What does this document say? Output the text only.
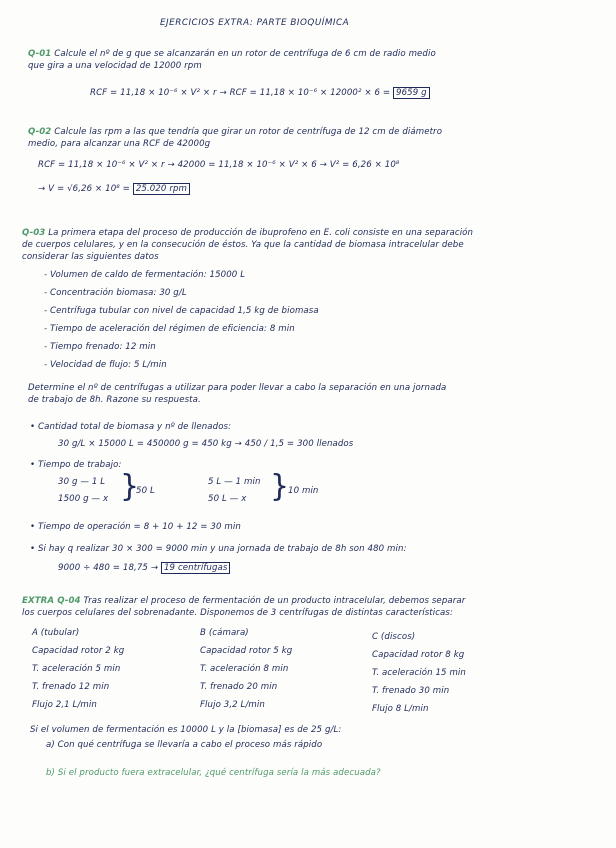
EJERCICIOS EXTRA: PARTE BIOQUÍMICA
Q-01 Calcule el nº de g que se alcanzarán en un rotor de centrífuga de 6 cm de radio medio
que gira a una velocidad de 12000 rpm
RCF = 11,18 × 10⁻⁶ × V² × r → RCF = 11,18 × 10⁻⁶ × 12000² × 6 = 9659 g
Q-02 Calcule las rpm a las que tendría que girar un rotor de centrífuga de 12 cm de diámetro
medio, para alcanzar una RCF de 42000g
RCF = 11,18 × 10⁻⁶ × V² × r → 42000 = 11,18 × 10⁻⁶ × V² × 6 → V² = 6,26 × 10⁸
→ V = √6,26 × 10⁸ = 25.020 rpm
Q-03 La primera etapa del proceso de producción de ibuprofeno en E. coli consiste en una separación
de cuerpos celulares, y en la consecución de éstos. Ya que la cantidad de biomasa intracelular debe
considerar las siguientes datos
- Volumen de caldo de fermentación: 15000 L
- Concentración biomasa: 30 g/L
- Centrífuga tubular con nivel de capacidad 1,5 kg de biomasa
- Tiempo de aceleración del régimen de eficiencia: 8 min
- Tiempo frenado: 12 min
- Velocidad de flujo: 5 L/min
Determine el nº de centrífugas a utilizar para poder llevar a cabo la separación en una jornada
de trabajo de 8h. Razone su respuesta.
• Cantidad total de biomasa y nº de llenados:
30 g/L × 15000 L = 450000 g = 450 kg → 450 / 1,5 = 300 llenados
• Tiempo de trabajo:
30 g — 1 L
1500 g — x }
50 L
5 L — 1 min
50 L — x }
10 min
• Tiempo de operación = 8 + 10 + 12 = 30 min
• Si hay q realizar 30 × 300 = 9000 min y una jornada de trabajo de 8h son 480 min:
9000 ÷ 480 = 18,75 → 19 centrífugas
EXTRA Q-04 Tras realizar el proceso de fermentación de un producto intracelular, debemos separar
los cuerpos celulares del sobrenadante. Disponemos de 3 centrífugas de distintas características:
A (tubular)
Capacidad rotor 2 kg
T. aceleración 5 min
T. frenado 12 min
Flujo 2,1 L/min
B (cámara)
Capacidad rotor 5 kg
T. aceleración 8 min
T. frenado 20 min
Flujo 3,2 L/min
C (discos)
Capacidad rotor 8 kg
T. aceleración 15 min
T. frenado 30 min
Flujo 8 L/min
Si el volumen de fermentación es 10000 L y la [biomasa] es de 25 g/L:
a) Con qué centrífuga se llevaría a cabo el proceso más rápido
b) Si el producto fuera extracelular, ¿qué centrífuga sería la más adecuada?
